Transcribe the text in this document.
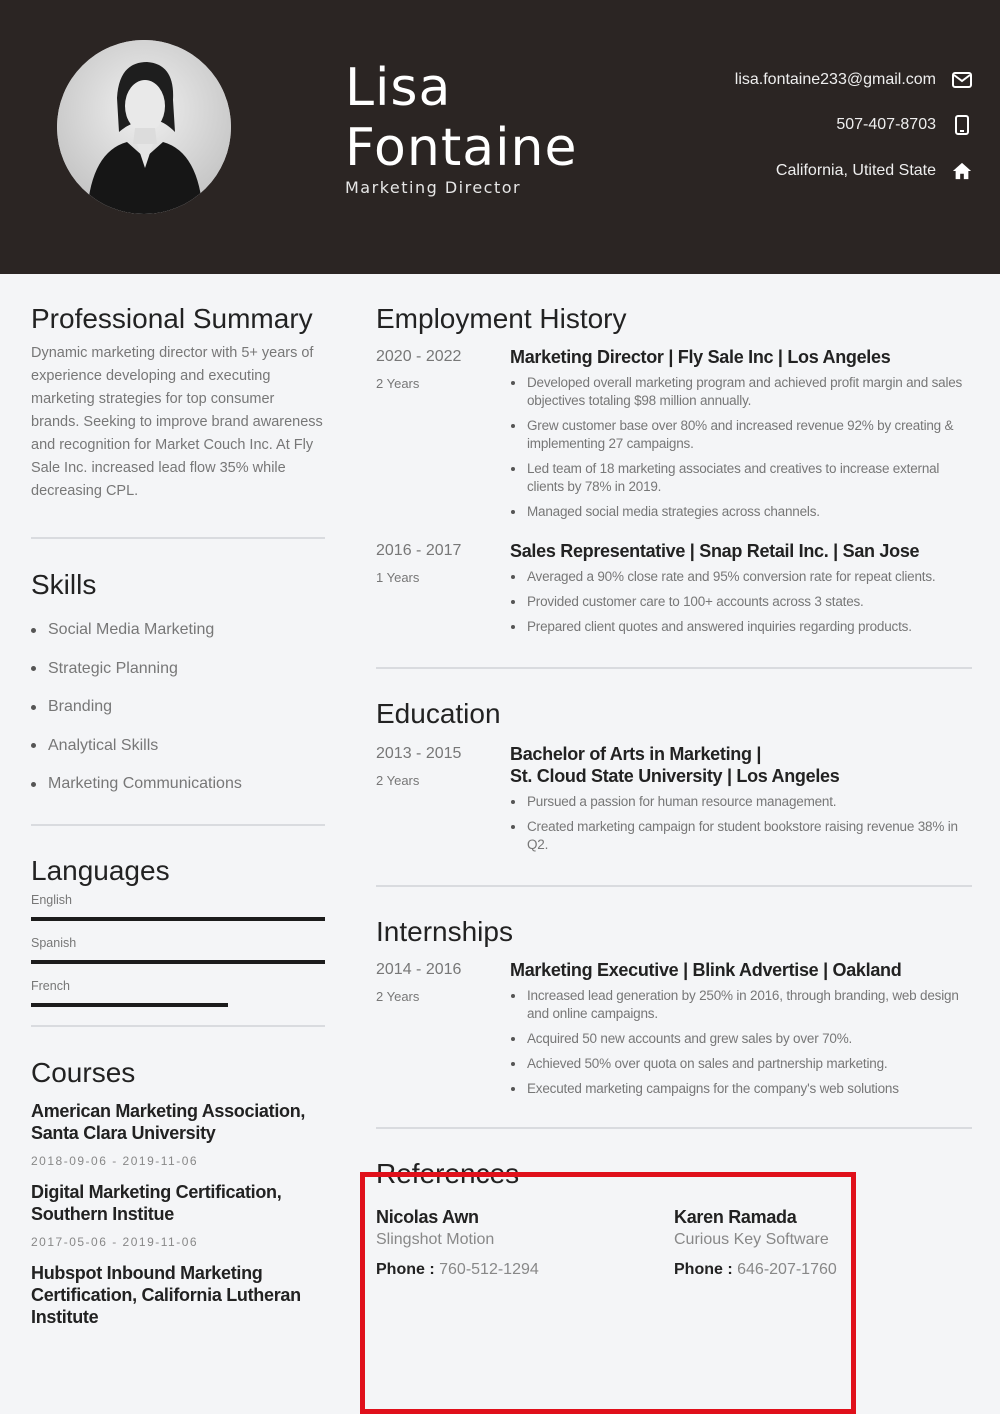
Lisa
Fontaine
Marketing Director
lisa.fontaine233@gmail.com
507-407-8703
California, Utited State
Professional Summary

Dynamic marketing director with 5+ years of experience developing and executing marketing strategies for top consumer brands. Seeking to improve brand awareness and recognition for Market Couch Inc. At Fly Sale Inc. increased lead flow 35% while decreasing CPL.

Skills
Social Media Marketing
Strategic Planning
Branding
Analytical Skills
Marketing Communications
Languages
English
Spanish
French
Courses
American Marketing Association, Santa Clara University
2018-09-06 - 2019-11-06
Digital Marketing Certification, Southern Institue
2017-05-06 - 2019-11-06
Hubspot Inbound Marketing Certification, California Lutheran Institute
Employment History
2020 - 2022
2 Years
Marketing Director | Fly Sale Inc | Los Angeles
Developed overall marketing program and achieved profit margin and sales objectives totaling $98 million annually.
Grew customer base over 80% and increased revenue 92% by creating & implementing 27 campaigns.
Led team of 18 marketing associates and creatives to increase external clients by 78% in 2019.
Managed social media strategies across channels.
2016 - 2017
1 Years
Sales Representative | Snap Retail Inc. | San Jose
Averaged a 90% close rate and 95% conversion rate for repeat clients.
Provided customer care to 100+ accounts across 3 states.
Prepared client quotes and answered inquiries regarding products.
Education
2013 - 2015
2 Years
Bachelor of Arts in Marketing |
St. Cloud State University | Los Angeles
Pursued a passion for human resource management.
Created marketing campaign for student bookstore raising revenue 38% in Q2.
Internships
2014 - 2016
2 Years
Marketing Executive | Blink Advertise | Oakland
Increased lead generation by 250% in 2016, through branding, web design and online campaigns.
Acquired 50 new accounts and grew sales by over 70%.
Achieved 50% over quota on sales and partnership marketing.
Executed marketing campaigns for the company's web solutions
References
Nicolas Awn
Slingshot Motion
Phone : 760-512-1294
Karen Ramada
Curious Key Software
Phone : 646-207-1760
